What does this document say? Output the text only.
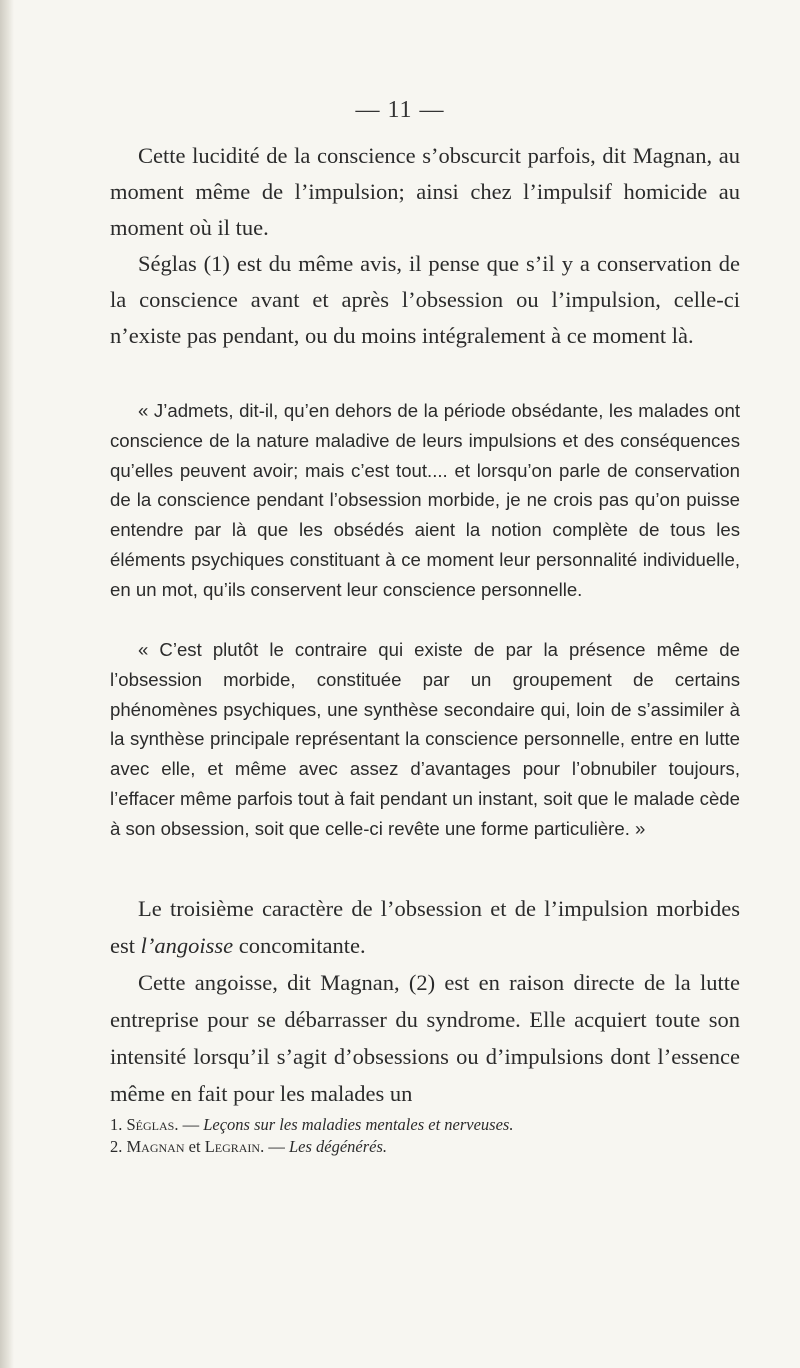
— 11 —

Cette lucidité de la conscience s’obscurcit parfois, dit Magnan, au moment même de l’impulsion; ainsi chez l’impulsif homicide au moment où il tue.

Séglas (1) est du même avis, il pense que s’il y a conservation de la conscience avant et après l’obsession ou l’impulsion, celle-ci n’existe pas pendant, ou du moins intégralement à ce moment là.

« J’admets, dit-il, qu’en dehors de la période obsédante, les malades ont conscience de la nature maladive de leurs impulsions et des conséquences qu’elles peuvent avoir; mais c’est tout.... et lorsqu’on parle de conservation de la conscience pendant l’obsession morbide, je ne crois pas qu’on puisse entendre par là que les obsédés aient la notion complète de tous les éléments psychiques constituant à ce moment leur personnalité individuelle, en un mot, qu’ils conservent leur conscience personnelle.

« C’est plutôt le contraire qui existe de par la présence même de l’obsession morbide, constituée par un groupement de certains phénomènes psychiques, une synthèse secondaire qui, loin de s’assimiler à la synthèse principale représentant la conscience personnelle, entre en lutte avec elle, et même avec assez d’avantages pour l’obnubiler toujours, l’effacer même parfois tout à fait pendant un instant, soit que le malade cède à son obsession, soit que celle-ci revête une forme particulière. »

Le troisième caractère de l’obsession et de l’impulsion morbides est l’angoisse concomitante.

Cette angoisse, dit Magnan, (2) est en raison directe de la lutte entreprise pour se débarrasser du syndrome. Elle acquiert toute son intensité lorsqu’il s’agit d’obsessions ou d’impulsions dont l’essence même en fait pour les malades un

1. Séglas. — Leçons sur les maladies mentales et nerveuses.

2. Magnan et Legrain. — Les dégénérés.
